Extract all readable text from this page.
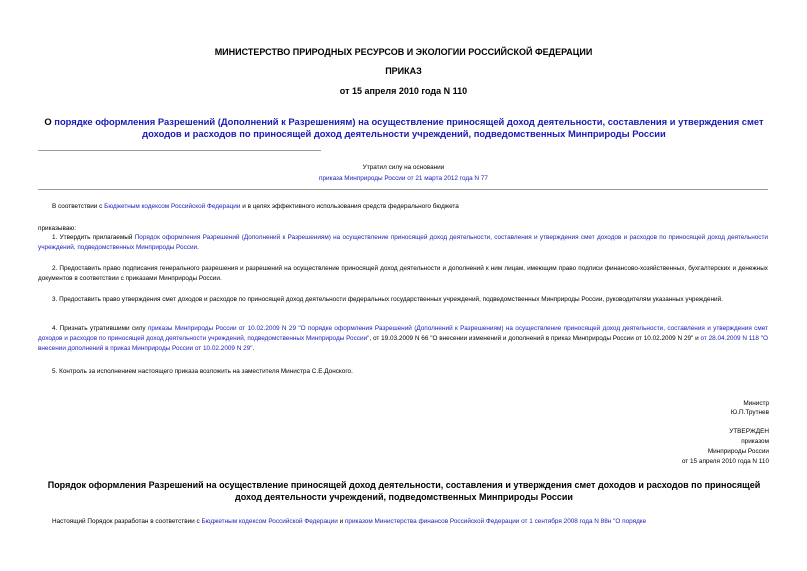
МИНИСТЕРСТВО ПРИРОДНЫХ РЕСУРСОВ И ЭКОЛОГИИ РОССИЙСКОЙ ФЕДЕРАЦИИ
ПРИКАЗ
от 15 апреля 2010 года N 110
О порядке оформления Разрешений (Дополнений к Разрешениям) на осуществление приносящей доход деятельности, составления и утверждения смет доходов и расходов по приносящей доход деятельности учреждений, подведомственных Минприроды России
Утратил силу на основании
приказа Минприроды России от 21 марта 2012 года N 77
В соответствии с Бюджетным кодексом Российской Федерации и в целях эффективного использования средств федерального бюджета
приказываю:
1. Утвердить прилагаемый Порядок оформления Разрешений (Дополнений к Разрешениям) на осуществление приносящей доход деятельности, составления и утверждения смет доходов и расходов по приносящей доход деятельности учреждений, подведомственных Минприроды России.
2. Предоставить право подписания генерального разрешения и разрешений на осуществление приносящей доход деятельности и дополнений к ним лицам, имеющим право подписи финансово-хозяйственных, бухгалтерских и денежных документов в соответствии с приказами Минприроды России.
3. Предоставить право утверждения смет доходов и расходов по приносящей доход деятельности федеральных государственных учреждений, подведомственных Минприроды России, руководителям указанных учреждений.
4. Признать утратившими силу приказы Минприроды России от 10.02.2009 N 29 "О порядке оформления Разрешений (Дополнений к Разрешениям) на осуществление приносящей доход деятельности, составления и утверждения смет доходов и расходов по приносящей доход деятельности учреждений, подведомственных Минприроды России", от 19.03.2009 N 66 "О внесении изменений и дополнений в приказ Минприроды России от 10.02.2009 N 29" и от 28.04.2009 N 118 "О внесении дополнений в приказ Минприроды России от 10.02.2009 N 29".
5. Контроль за исполнением настоящего приказа возложить на заместителя Министра С.Е.Донского.
Министр
Ю.П.Трутнев
УТВЕРЖДЕН
приказом
Минприроды России
от 15 апреля 2010 года N 110
Порядок оформления Разрешений на осуществление приносящей доход деятельности, составления и утверждения смет доходов и расходов по приносящей доход деятельности учреждений, подведомственных Минприроды России
Настоящий Порядок разработан в соответствии с Бюджетным кодексом Российской Федерации и приказом Министерства финансов Российской Федерации от 1 сентября 2008 года N 88н "О порядке
